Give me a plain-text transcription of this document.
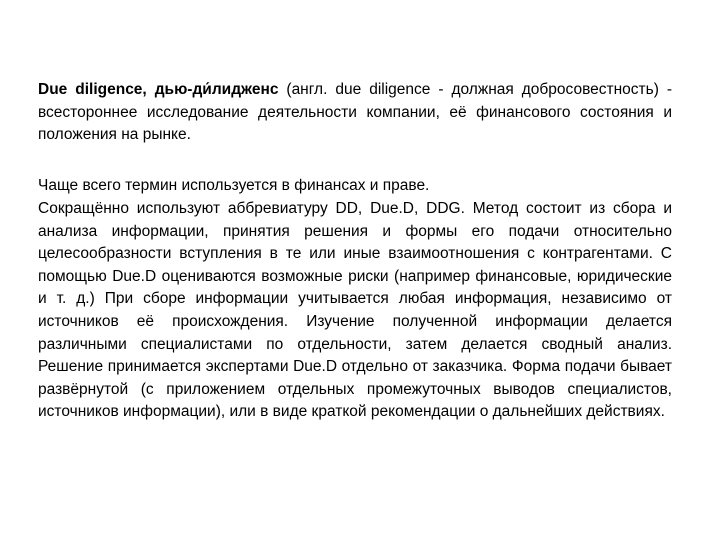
Due diligence, дью-ди́лидженс (англ. due diligence - должная добросовестность) - всестороннее исследование деятельности компании, её финансового состояния и положения на рынке.

Чаще всего термин используется в финансах и праве.

Сокращённо используют аббревиатуру DD, Due.D, DDG. Метод состоит из сбора и анализа информации, принятия решения и формы его подачи относительно целесообразности вступления в те или иные взаимоотношения с контрагентами. С помощью Due.D оцениваются возможные риски (например финансовые, юридические и т. д.) При сборе информации учитывается любая информация, независимо от источников её происхождения. Изучение полученной информации делается различными специалистами по отдельности, затем делается сводный анализ. Решение принимается экспертами Due.D отдельно от заказчика. Форма подачи бывает развёрнутой (с приложением отдельных промежуточных выводов специалистов, источников информации), или в виде краткой рекомендации о дальнейших действиях.
